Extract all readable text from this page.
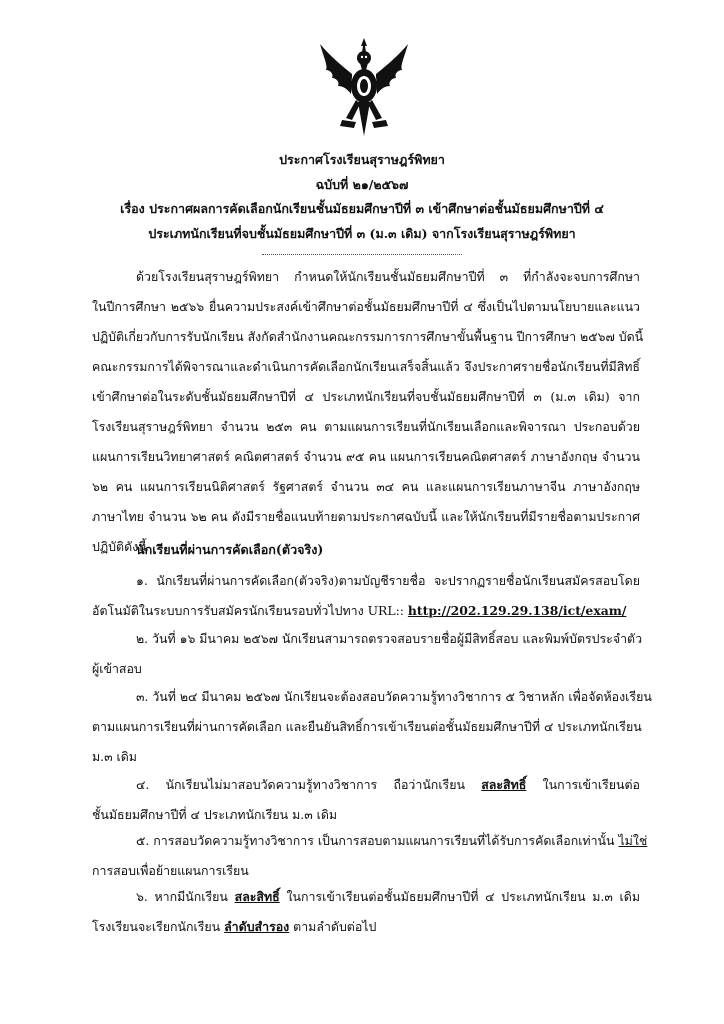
ประกาศโรงเรียนสุราษฎร์พิทยา
ฉบับที่ ๒๑/๒๕๖๗
เรื่อง ประกาศผลการคัดเลือกนักเรียนชั้นมัธยมศึกษาปีที่ ๓ เข้าศึกษาต่อชั้นมัธยมศึกษาปีที่ ๔
ประเภทนักเรียนที่จบชั้นมัธยมศึกษาปีที่ ๓ (ม.๓ เดิม) จากโรงเรียนสุราษฎร์พิทยา
ด้วยโรงเรียนสุราษฎร์พิทยา กำหนดให้นักเรียนชั้นมัธยมศึกษาปีที่ ๓ ที่กำลังจะจบการศึกษา
ในปีการศึกษา ๒๕๖๖ ยื่นความประสงค์เข้าศึกษาต่อชั้นมัธยมศึกษาปีที่ ๔ ซึ่งเป็นไปตามนโยบายและแนว
ปฏิบัติเกี่ยวกับการรับนักเรียน สังกัดสำนักงานคณะกรรมการการศึกษาขั้นพื้นฐาน ปีการศึกษา ๒๕๖๗ บัดนี้
คณะกรรมการได้พิจารณาและดำเนินการคัดเลือกนักเรียนเสร็จสิ้นแล้ว จึงประกาศรายชื่อนักเรียนที่มีสิทธิ์
เข้าศึกษาต่อในระดับชั้นมัธยมศึกษาปีที่ ๔ ประเภทนักเรียนที่จบชั้นมัธยมศึกษาปีที่ ๓ (ม.๓ เดิม) จาก
โรงเรียนสุราษฎร์พิทยา จำนวน ๒๕๓ คน ตามแผนการเรียนที่นักเรียนเลือกและพิจารณา ประกอบด้วย
แผนการเรียนวิทยาศาสตร์ คณิตศาสตร์ จำนวน ๙๕ คน แผนการเรียนคณิตศาสตร์ ภาษาอังกฤษ จำนวน
๖๒ คน แผนการเรียนนิติศาสตร์ รัฐศาสตร์ จำนวน ๓๔ คน และแผนการเรียนภาษาจีน ภาษาอังกฤษ
ภาษาไทย จำนวน ๖๒ คน ดังมีรายชื่อแนบท้ายตามประกาศฉบับนี้ และให้นักเรียนที่มีรายชื่อตามประกาศ
ปฏิบัติดังนี้
นักเรียนที่ผ่านการคัดเลือก(ตัวจริง)
๑. นักเรียนที่ผ่านการคัดเลือก(ตัวจริง)ตามบัญชีรายชื่อ จะปรากฏรายชื่อนักเรียนสมัครสอบโดย
อัตโนมัติในระบบการรับสมัครนักเรียนรอบทั่วไปทาง URL:: http://202.129.29.138/ict/exam/
๒. วันที่ ๑๖ มีนาคม ๒๕๖๗ นักเรียนสามารถตรวจสอบรายชื่อผู้มีสิทธิ์สอบ และพิมพ์บัตรประจำตัว
ผู้เข้าสอบ
๓. วันที่ ๒๔ มีนาคม ๒๕๖๗ นักเรียนจะต้องสอบวัดความรู้ทางวิชาการ ๕ วิชาหลัก เพื่อจัดห้องเรียน
ตามแผนการเรียนที่ผ่านการคัดเลือก และยืนยันสิทธิ์การเข้าเรียนต่อชั้นมัธยมศึกษาปีที่ ๔ ประเภทนักเรียน
ม.๓ เดิม
๔. นักเรียนไม่มาสอบวัดความรู้ทางวิชาการ ถือว่านักเรียน สละสิทธิ์ ในการเข้าเรียนต่อ
ชั้นมัธยมศึกษาปีที่ ๔ ประเภทนักเรียน ม.๓ เดิม
๕. การสอบวัดความรู้ทางวิชาการ เป็นการสอบตามแผนการเรียนที่ได้รับการคัดเลือกเท่านั้น ไม่ใช่
การสอบเพื่อย้ายแผนการเรียน
๖. หากมีนักเรียน สละสิทธิ์ ในการเข้าเรียนต่อชั้นมัธยมศึกษาปีที่ ๔ ประเภทนักเรียน ม.๓ เดิม
โรงเรียนจะเรียกนักเรียน ลำดับสำรอง ตามลำดับต่อไป
